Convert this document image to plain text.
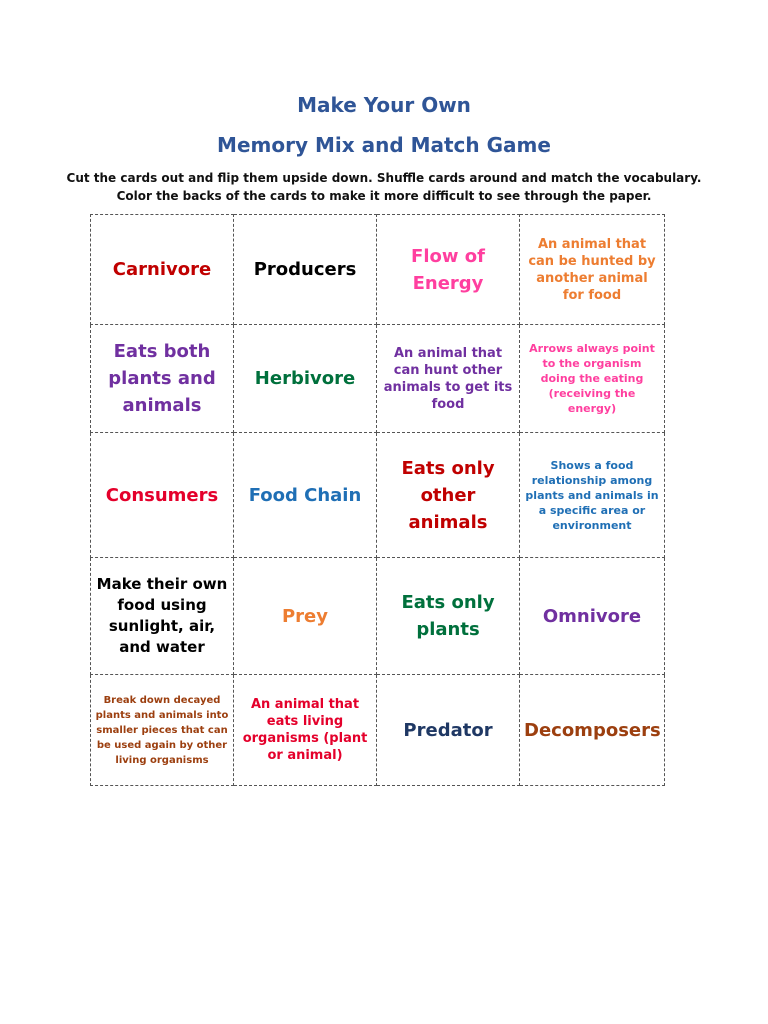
Make Your Own
Memory Mix and Match Game
Cut the cards out and flip them upside down. Shuffle cards around and match the vocabulary.
Color the backs of the cards to make it more difficult to see through the paper.
Carnivore	Producers	Flow of Energy	An animal that can be hunted by another animal for food
Eats both plants and animals	Herbivore	An animal that can hunt other animals to get its food	Arrows always point to the organism doing the eating (receiving the energy)
Consumers	Food Chain	Eats only other animals	Shows a food relationship among plants and animals in a specific area or environment
Make their own food using sunlight, air, and water	Prey	Eats only plants	Omnivore
Break down decayed plants and animals into smaller pieces that can be used again by other living organisms	An animal that eats living organisms (plant or animal)	Predator	Decomposers
